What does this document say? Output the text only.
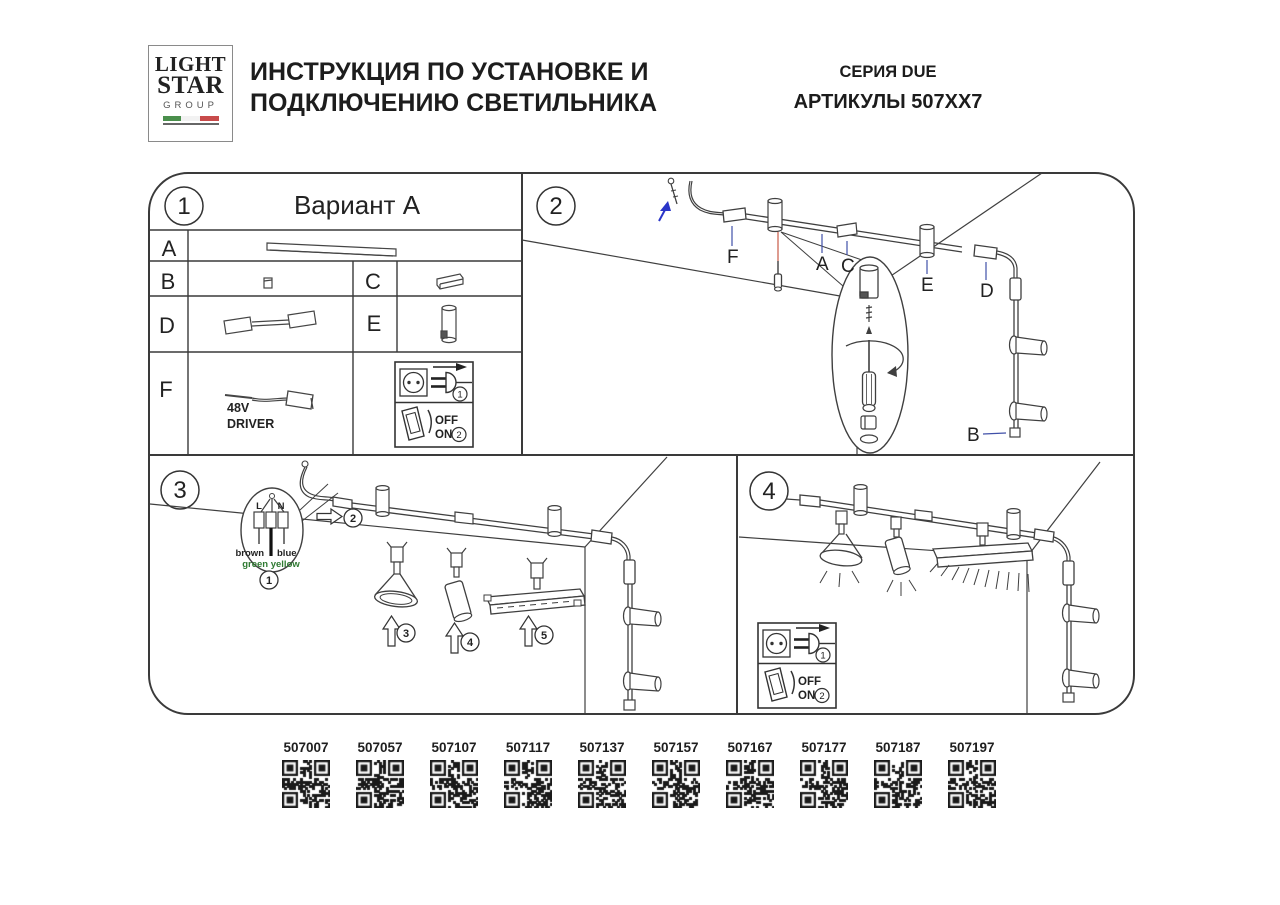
LIGHT
STAR
GROUP
ИНСТРУКЦИЯ ПО УСТАНОВКЕ И
ПОДКЛЮЧЕНИЮ СВЕТИЛЬНИКА
СЕРИЯ DUE
АРТИКУЛЫ 507XX7
1	Вариант A
A
B	C
D	E
F
48V
DRIVER
1
OFF
ON 2
2
F	A C
E D
B
3
L N
brown blue
green yellow
1
2
3
4
5
4
1
OFF
ON 2
507007	507057	507107	507117	507137	507157	507167	507177	507187	507197
